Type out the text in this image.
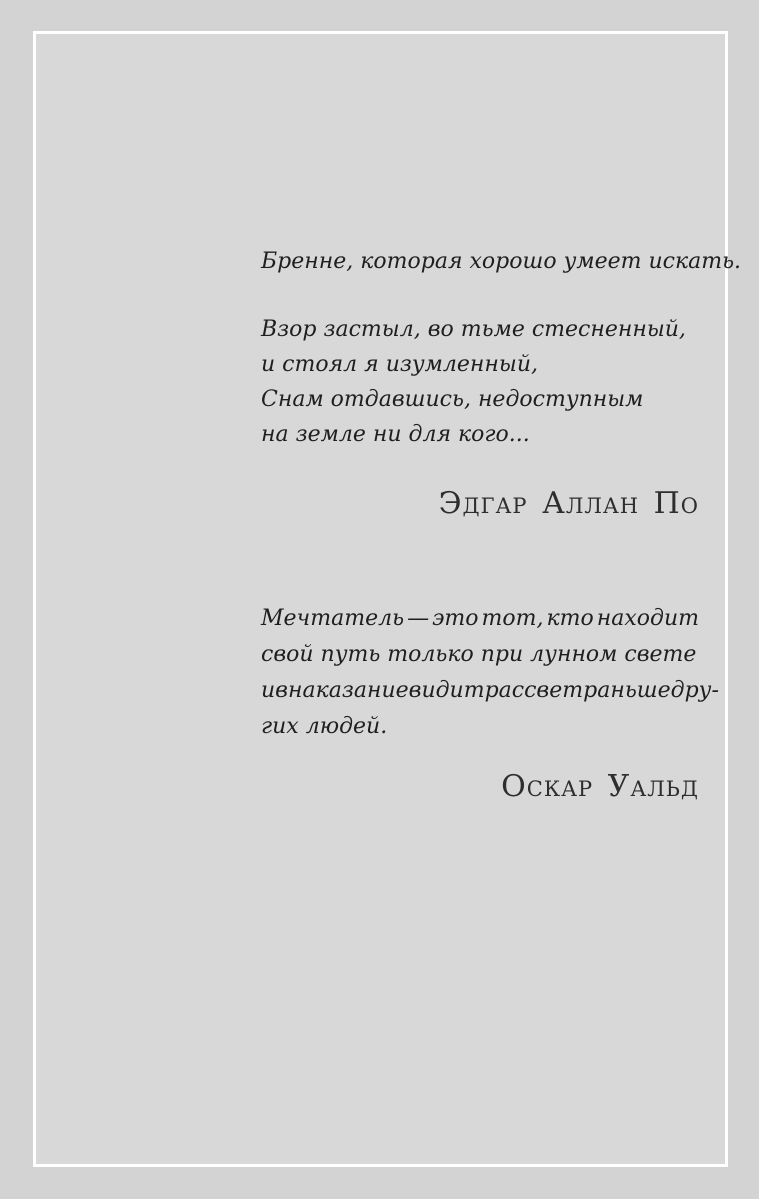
Бренне, которая хорошо умеет искать.
Взор застыл, во тьме стесненный,
и стоял я изумленный,
Снам отдавшись, недоступным
на земле ни для кого...
Эдгар Аллан По
Мечтатель — это тот, кто находит
свой путь только при лунном свете
и в наказание видит рассвет раньше дру-
гих людей.
Оскар Уальд
